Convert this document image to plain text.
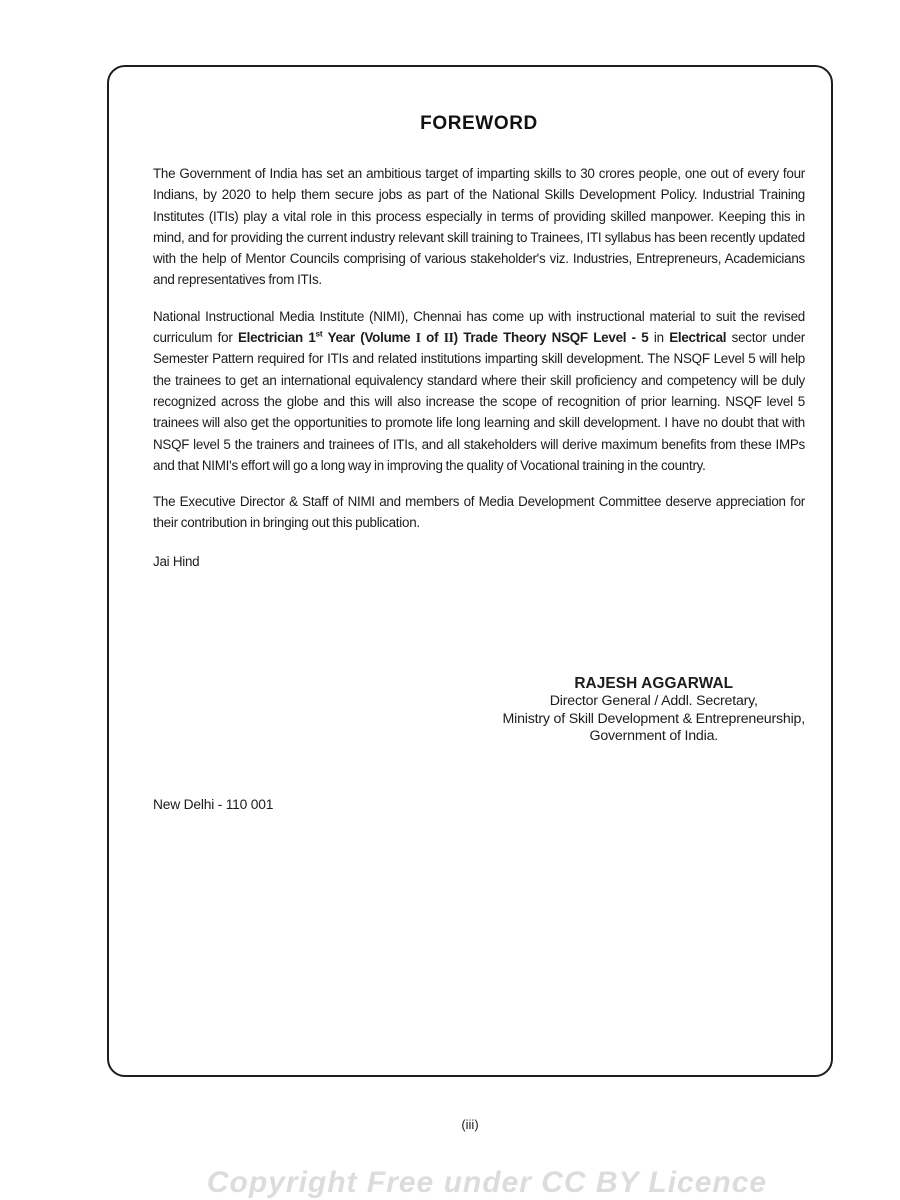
FOREWORD

The Government of India has set an ambitious target of imparting skills to 30 crores people, one out of every four Indians, by 2020 to help them secure jobs as part of the National Skills Development Policy. Industrial Training Institutes (ITIs) play a vital role in this process especially in terms of providing skilled manpower. Keeping this in mind, and for providing the current industry relevant skill training to Trainees, ITI syllabus has been recently updated with the help of Mentor Councils comprising of various stakeholder's viz. Industries, Entrepreneurs, Academicians and representatives from ITIs.

National Instructional Media Institute (NIMI), Chennai has come up with instructional material to suit the revised curriculum for Electrician 1st Year (Volume I of II) Trade Theory NSQF Level - 5 in Electrical sector under Semester Pattern required for ITIs and related institutions imparting skill development. The NSQF Level 5 will help the trainees to get an international equivalency standard where their skill proficiency and competency will be duly recognized across the globe and this will also increase the scope of recognition of prior learning. NSQF level 5 trainees will also get the opportunities to promote life long learning and skill development. I have no doubt that with NSQF level 5 the trainers and trainees of ITIs, and all stakeholders will derive maximum benefits from these IMPs and that NIMI's effort will go a long way in improving the quality of Vocational training in the country.

The Executive Director & Staff of NIMI and members of Media Development Committee deserve appreciation for their contribution in bringing out this publication.

Jai Hind
RAJESH AGGARWAL
Director General / Addl. Secretary,
Ministry of Skill Development & Entrepreneurship,
Government of India.
New Delhi - 110 001
(iii)
Copyright Free under CC BY Licence
